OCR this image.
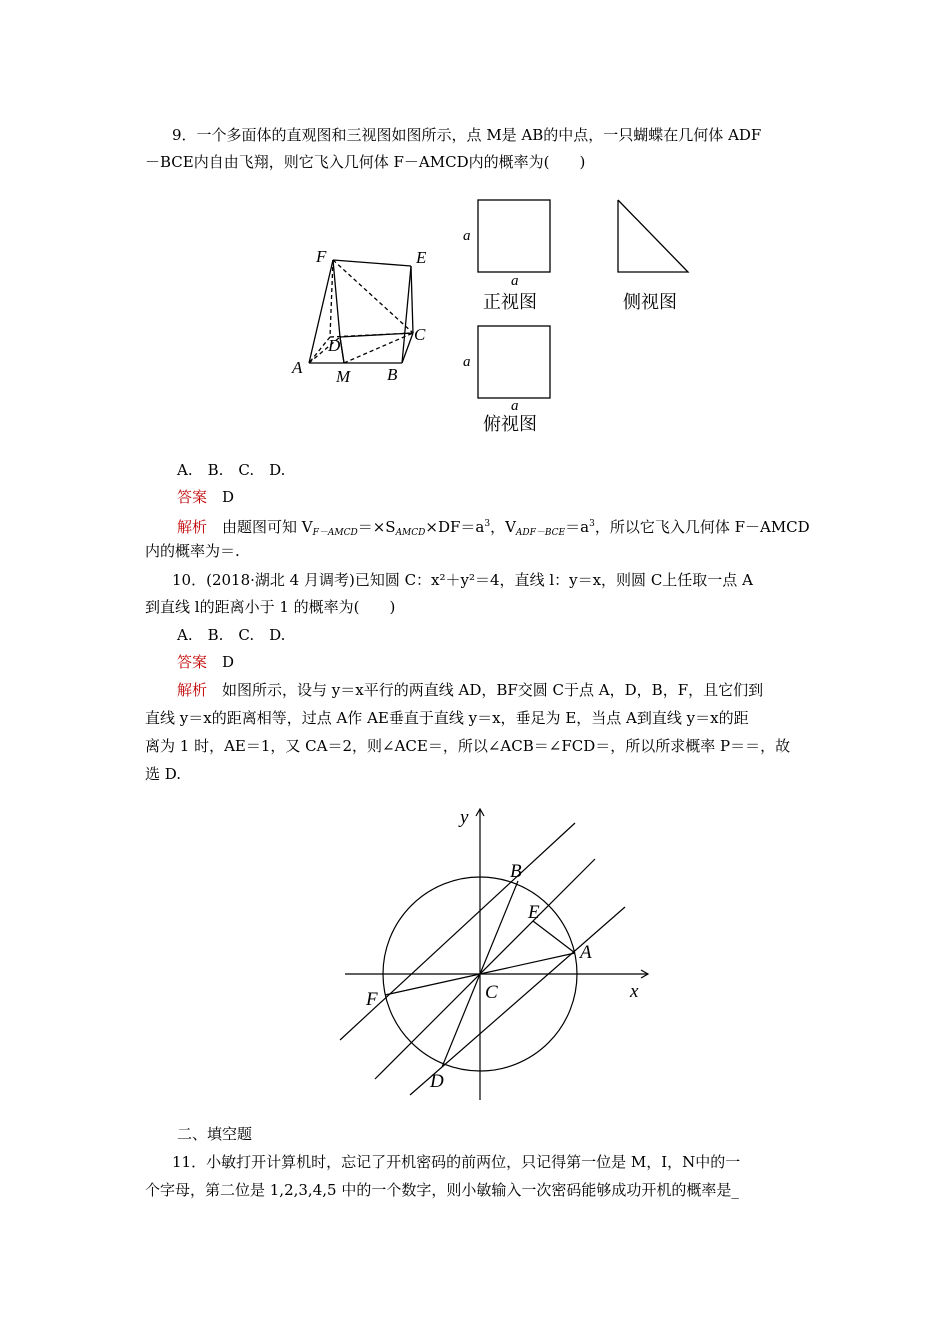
9．一个多面体的直观图和三视图如图所示，点 M是 AB的中点，一只蝴蝶在几何体 ADF
－BCE内自由飞翔，则它飞入几何体 F－AMCD内的概率为(　　)
F	E
D
C
A M B
a
a
a
a
正视图	侧视图
俯视图
A.　B.　C.　D.
答案　 D
解析　 由题图可知 $V_{F-AMCD}=\times S_{AMCD}\times DF=a^3$，$V_{ADF-BCE}=a^3$，所以它飞入几何体 F－AMCD
内的概率为＝.
10．(2018·湖北 4 月调考)已知圆 C：x²＋y²＝4，直线 l：y＝x，则圆 C上任取一点 A
到直线 l的距离小于 1 的概率为(　　)
A.　B.　C.　D.
答案　 D
解析　 如图所示，设与 y＝x平行的两直线 AD，BF交圆 C于点 A，D，B，F，且它们到
直线 y＝x的距离相等，过点 A作 AE垂直于直线 y＝x，垂足为 E，当点 A到直线 y＝x的距
离为 1 时，AE＝1，又 CA＝2，则∠ACE＝，所以∠ACB＝∠FCD＝，所以所求概率 P＝＝，故
选 D.
y
x
B
E
A
C
F
D
二、填空题
11．小敏打开计算机时，忘记了开机密码的前两位，只记得第一位是 M，I，N中的一
个字母，第二位是 1,2,3,4,5 中的一个数字，则小敏输入一次密码能够成功开机的概率是_
